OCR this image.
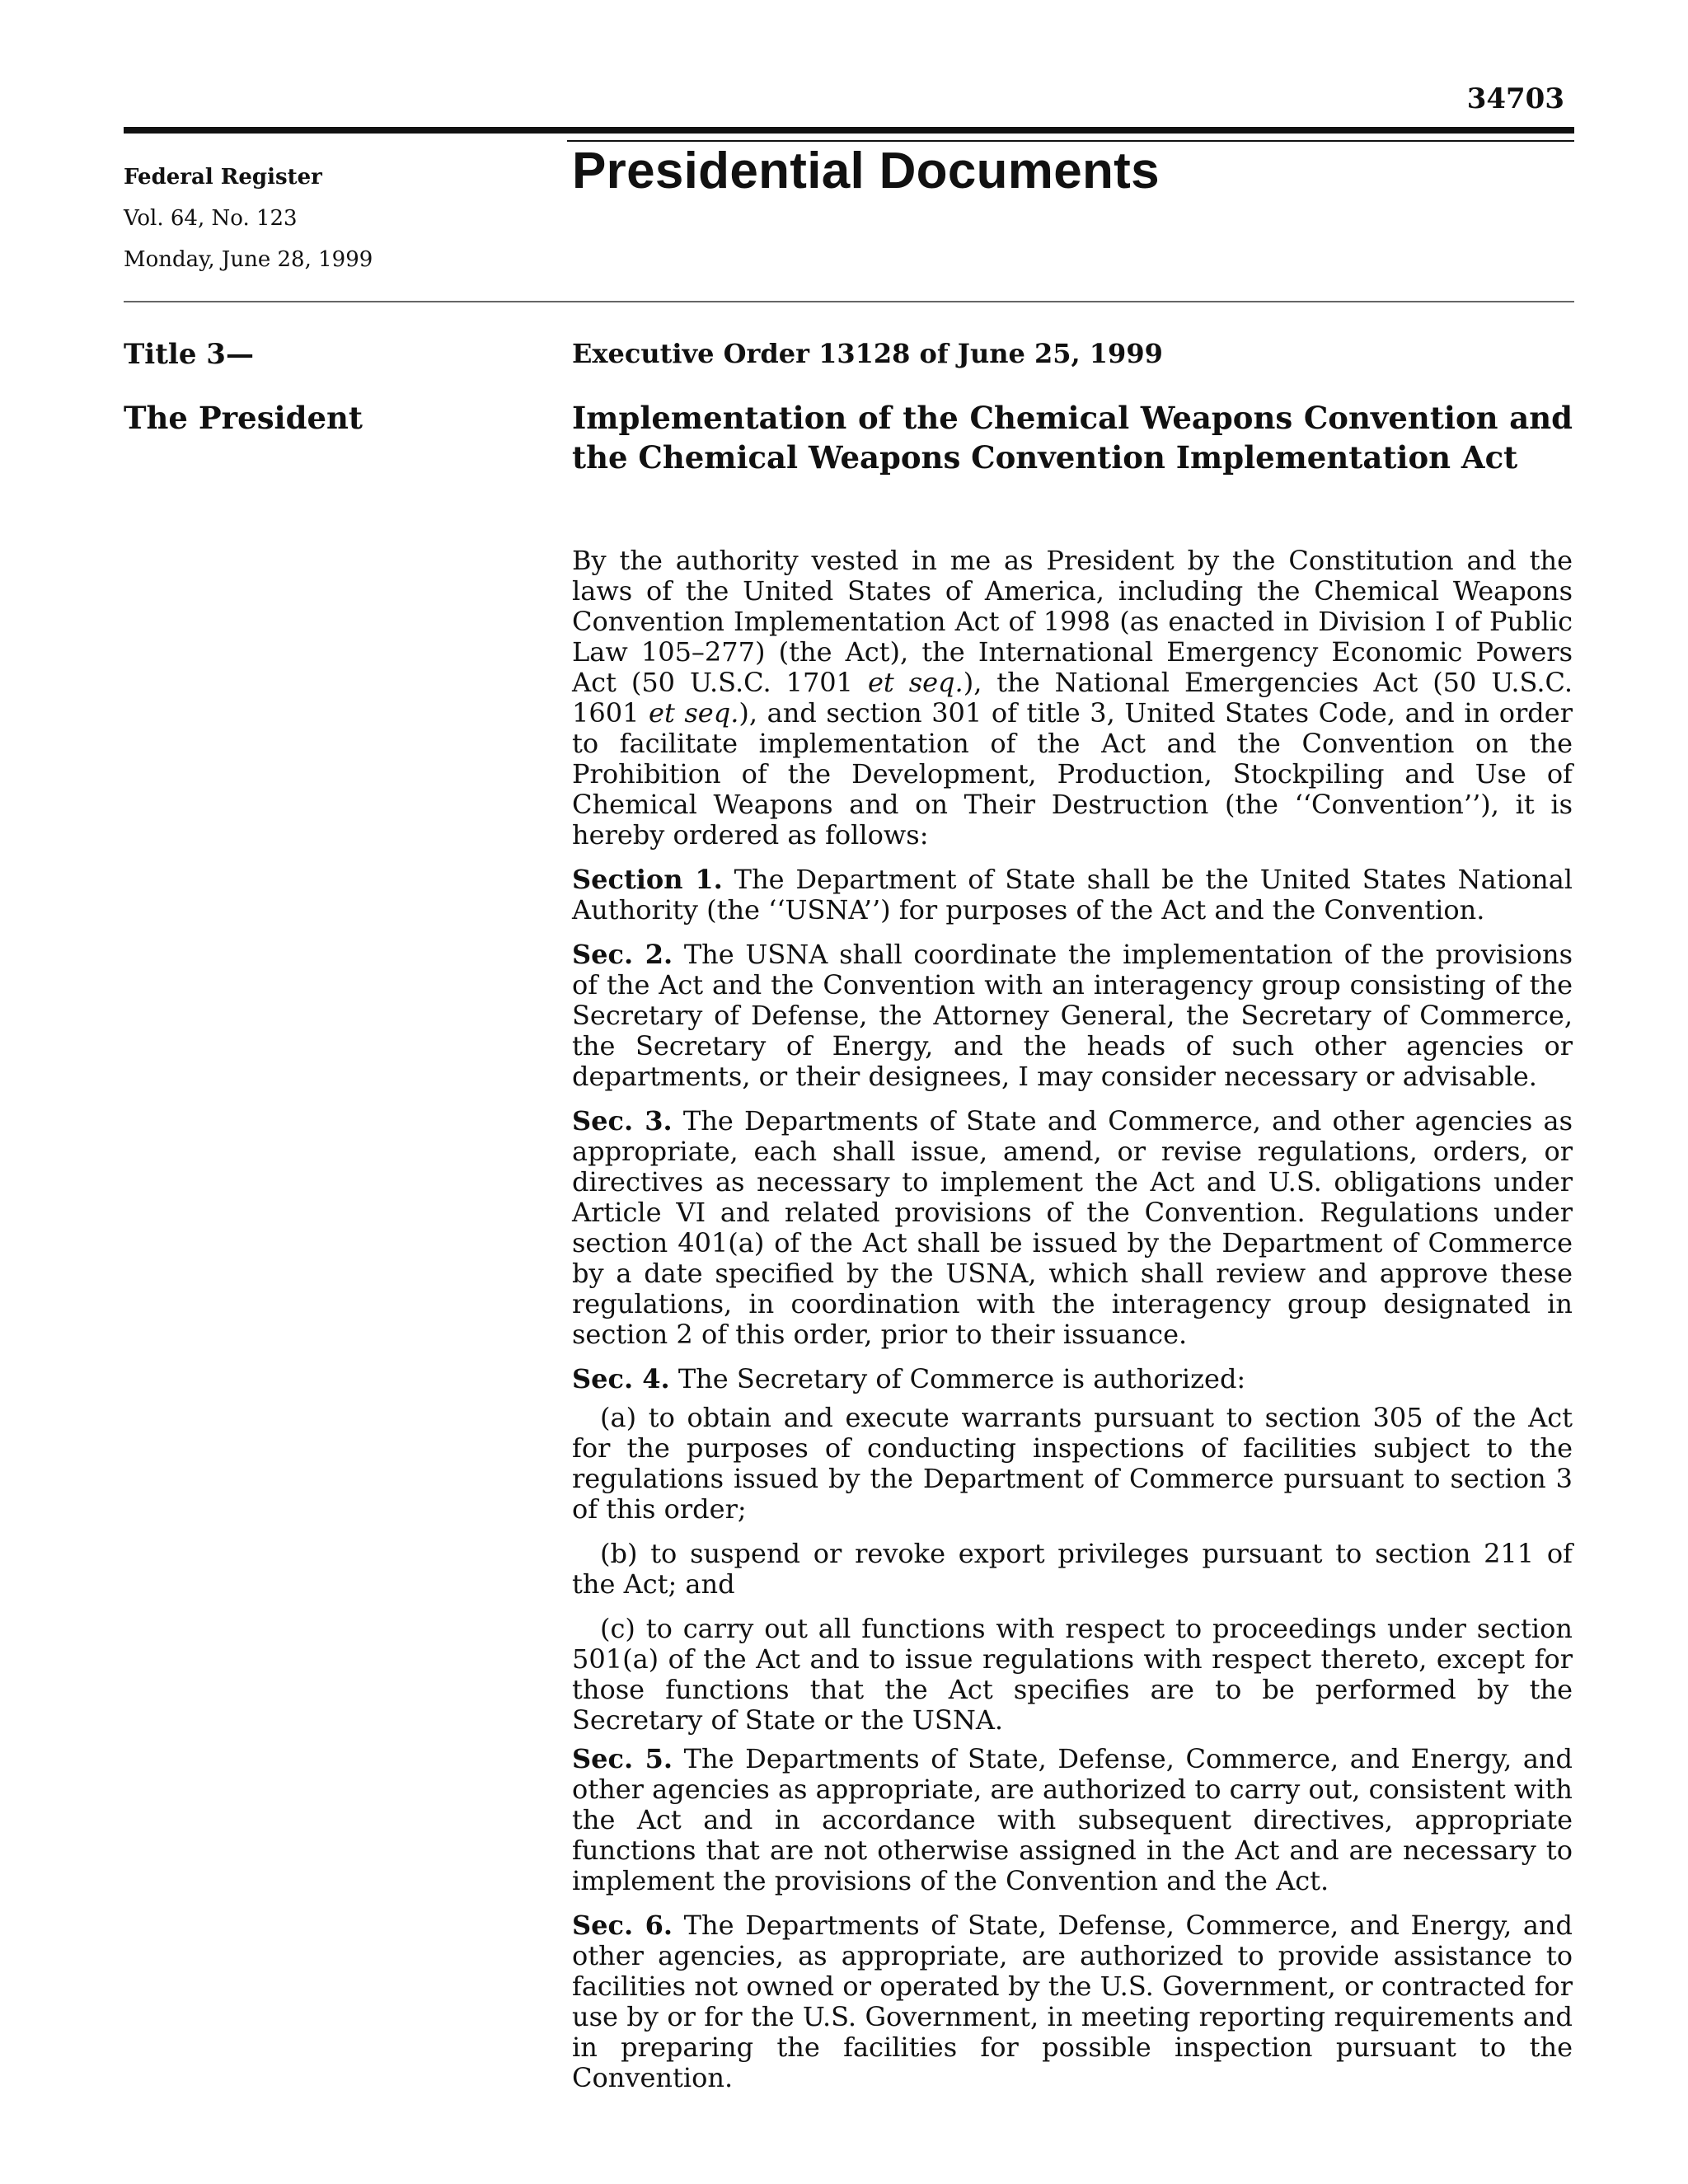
34703
Federal Register
Vol. 64, No. 123
Monday, June 28, 1999
Presidential Documents
Title 3—
The President
Executive Order 13128 of June 25, 1999
Implementation of the Chemical Weapons Convention and the Chemical Weapons Convention Implementation Act

By the authority vested in me as President by the Constitution and the laws of the United States of America, including the Chemical Weapons Convention Implementation Act of 1998 (as enacted in Division I of Public Law 105–277) (the Act), the International Emergency Economic Powers Act (50 U.S.C. 1701 et seq.), the National Emergencies Act (50 U.S.C. 1601 et seq.), and section 301 of title 3, United States Code, and in order to facilitate implementation of the Act and the Convention on the Prohibition of the Development, Production, Stockpiling and Use of Chemical Weapons and on Their Destruction (the ‘‘Convention’’), it is hereby ordered as follows:

Section 1. The Department of State shall be the United States National Authority (the ‘‘USNA’’) for purposes of the Act and the Convention.

Sec. 2. The USNA shall coordinate the implementation of the provisions of the Act and the Convention with an interagency group consisting of the Secretary of Defense, the Attorney General, the Secretary of Commerce, the Secretary of Energy, and the heads of such other agencies or departments, or their designees, I may consider necessary or advisable.

Sec. 3. The Departments of State and Commerce, and other agencies as appropriate, each shall issue, amend, or revise regulations, orders, or directives as necessary to implement the Act and U.S. obligations under Article VI and related provisions of the Convention. Regulations under section 401(a) of the Act shall be issued by the Department of Commerce by a date specified by the USNA, which shall review and approve these regulations, in coordination with the interagency group designated in section 2 of this order, prior to their issuance.

Sec. 4. The Secretary of Commerce is authorized:

(a) to obtain and execute warrants pursuant to section 305 of the Act for the purposes of conducting inspections of facilities subject to the regulations issued by the Department of Commerce pursuant to section 3 of this order;

(b) to suspend or revoke export privileges pursuant to section 211 of the Act; and

(c) to carry out all functions with respect to proceedings under section 501(a) of the Act and to issue regulations with respect thereto, except for those functions that the Act specifies are to be performed by the Secretary of State or the USNA.

Sec. 5. The Departments of State, Defense, Commerce, and Energy, and other agencies as appropriate, are authorized to carry out, consistent with the Act and in accordance with subsequent directives, appropriate functions that are not otherwise assigned in the Act and are necessary to implement the provisions of the Convention and the Act.

Sec. 6. The Departments of State, Defense, Commerce, and Energy, and other agencies, as appropriate, are authorized to provide assistance to facilities not owned or operated by the U.S. Government, or contracted for use by or for the U.S. Government, in meeting reporting requirements and in preparing the facilities for possible inspection pursuant to the Convention.
